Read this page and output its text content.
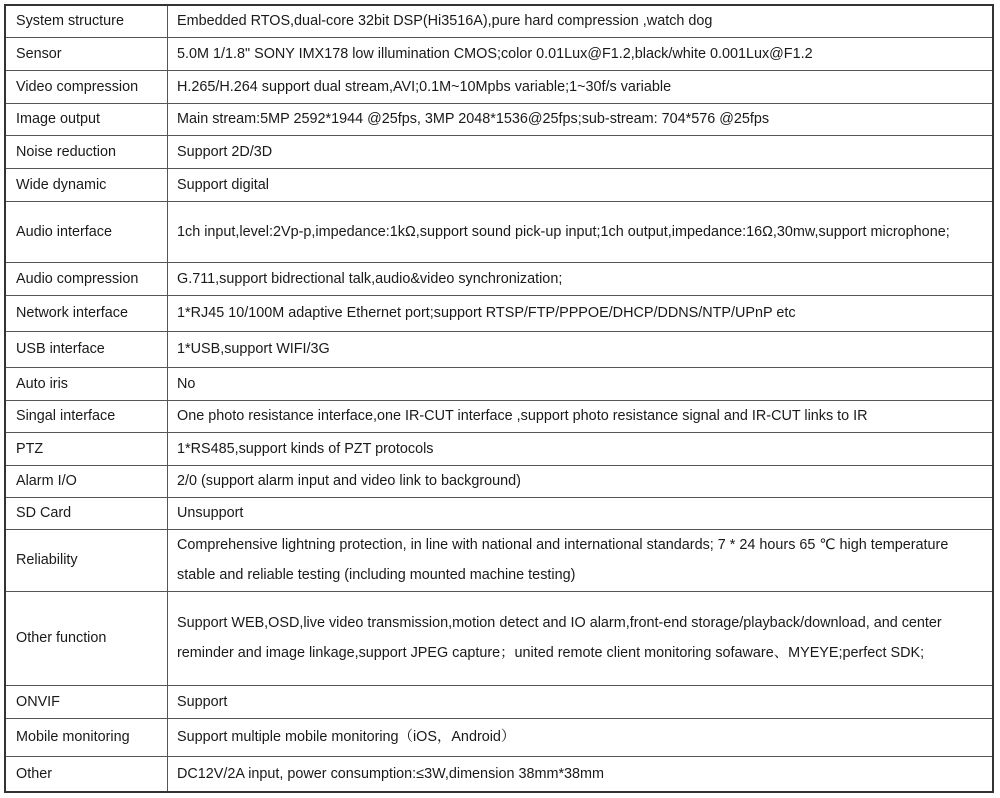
System structure	Embedded RTOS,dual-core 32bit DSP(Hi3516A),pure hard compression ,watch dog
Sensor	5.0M 1/1.8" SONY IMX178 low illumination CMOS;color 0.01Lux@F1.2,black/white 0.001Lux@F1.2
Video compression	H.265/H.264 support dual stream,AVI;0.1M~10Mpbs variable;1~30f/s variable
Image output	Main stream:5MP 2592*1944 @25fps, 3MP 2048*1536@25fps;sub-stream: 704*576 @25fps
Noise reduction	Support 2D/3D
Wide dynamic	Support digital
Audio interface	1ch input,level:2Vp-p,impedance:1kΩ,support sound pick-up input;1ch output,impedance:16Ω,30mw,support microphone;
Audio compression	G.711,support bidrectional talk,audio&video synchronization;
Network interface	1*RJ45 10/100M adaptive Ethernet port;support RTSP/FTP/PPPOE/DHCP/DDNS/NTP/UPnP etc
USB interface	1*USB,support WIFI/3G
Auto iris	No
Singal interface	One photo resistance interface,one IR-CUT interface ,support photo resistance signal and IR-CUT links to IR
PTZ	1*RS485,support kinds of PZT protocols
Alarm I/O	2/0 (support alarm input and video link to background)
SD Card	Unsupport
Reliability	Comprehensive lightning protection, in line with national and international standards; 7 * 24 hours 65 ℃ high temperature stable and reliable testing (including mounted machine testing)
Other function	Support WEB,OSD,live video transmission,motion detect and IO alarm,front-end storage/playback/download, and center reminder and image linkage,support JPEG capture；united remote client monitoring sofaware、MYEYE;perfect SDK;
ONVIF	Support
Mobile monitoring	Support multiple mobile monitoring（iOS，Android）
Other	DC12V/2A input, power consumption:≤3W,dimension 38mm*38mm
